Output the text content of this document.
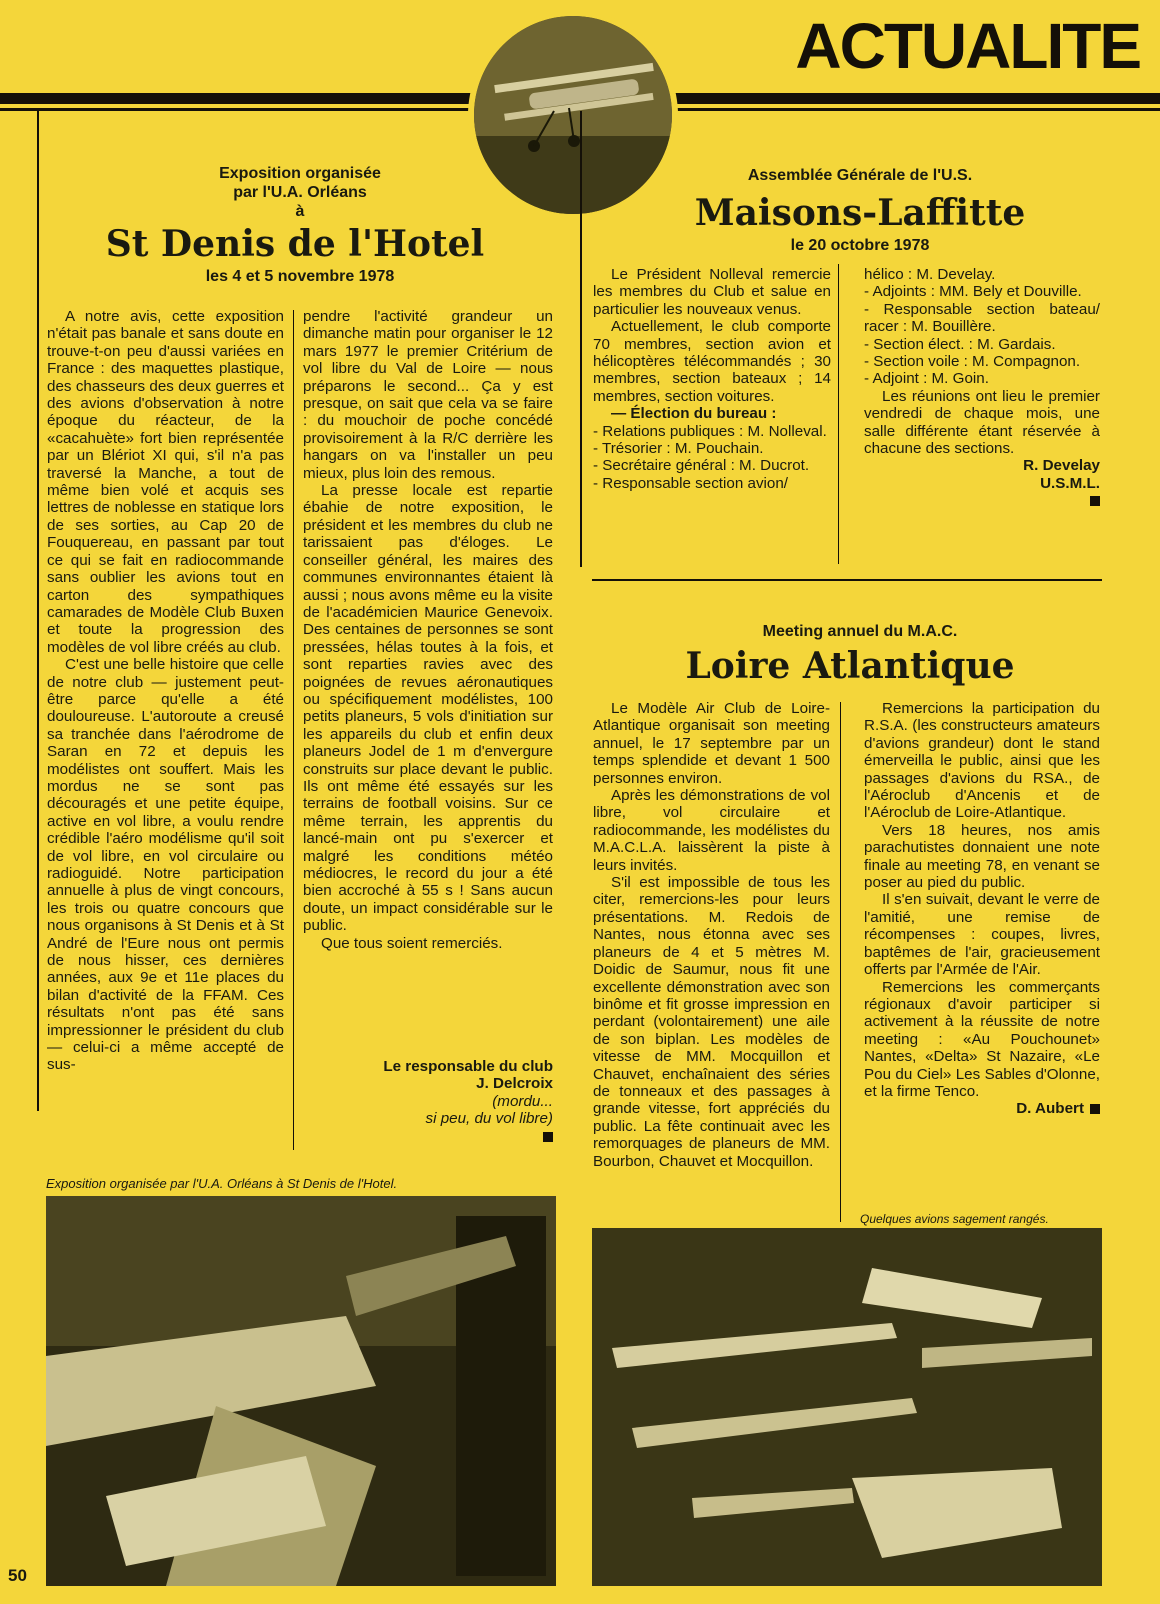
ACTUALITE
Exposition organisée
par l'U.A. Orléans
à
St Denis de l'Hotel
les 4 et 5 novembre 1978

A notre avis, cette exposition n'était pas banale et sans doute en trouve-t-on peu d'aussi variées en France : des maquettes plastique, des chasseurs des deux guerres et des avions d'observation à notre époque du réacteur, de la «cacahuète» fort bien représentée par un Blériot XI qui, s'il n'a pas traversé la Manche, a tout de même bien volé et acquis ses lettres de noblesse en statique lors de ses sorties, au Cap 20 de Fouquereau, en passant par tout ce qui se fait en radiocommande sans oublier les avions tout en carton des sympathiques camarades de Modèle Club Buxen et toute la progression des modèles de vol libre créés au club.

C'est une belle histoire que celle de notre club — justement peut-être parce qu'elle a été douloureuse. L'autoroute a creusé sa tranchée dans l'aérodrome de Saran en 72 et depuis les modélistes ont souffert. Mais les mordus ne se sont pas découragés et une petite équipe, active en vol libre, a voulu rendre crédible l'aéro modélisme qu'il soit de vol libre, en vol circulaire ou radioguidé. Notre participation annuelle à plus de vingt concours, les trois ou quatre concours que nous organisons à St Denis et à St André de l'Eure nous ont permis de nous hisser, ces dernières années, aux 9e et 11e places du bilan d'activité de la FFAM. Ces résultats n'ont pas été sans impressionner le président du club — celui-ci a même accepté de sus-

pendre l'activité grandeur un dimanche matin pour organiser le 12 mars 1977 le premier Critérium de vol libre du Val de Loire — nous préparons le second... Ça y est presque, on sait que cela va se faire : du mouchoir de poche concédé provisoirement à la R/C derrière les hangars on va l'installer un peu mieux, plus loin des remous.

La presse locale est repartie ébahie de notre exposition, le président et les membres du club ne tarissaient pas d'éloges. Le conseiller général, les maires des communes environnantes étaient là aussi ; nous avons même eu la visite de l'académicien Maurice Genevoix. Des centaines de personnes se sont pressées, hélas toutes à la fois, et sont reparties ravies avec des poignées de revues aéronautiques ou spécifiquement modélistes, 100 petits planeurs, 5 vols d'initiation sur les appareils du club et enfin deux planeurs Jodel de 1 m d'envergure construits sur place devant le public. Ils ont même été essayés sur les terrains de football voisins. Sur ce même terrain, les apprentis du lancé-main ont pu s'exercer et malgré les conditions météo médiocres, le record du jour a été bien accroché à 55 s ! Sans aucun doute, un impact considérable sur le public.

Que tous soient remerciés.

Le responsable du club
J. Delcroix
(mordu...
si peu, du vol libre)
Exposition organisée par l'U.A. Orléans à St Denis de l'Hotel.
50
Assemblée Générale de l'U.S.
Maisons-Laffitte
le 20 octobre 1978

Le Président Nolleval remercie les membres du Club et salue en particulier les nouveaux venus.

Actuellement, le club comporte 70 membres, section avion et hélicoptères télécommandés ; 30 membres, section bateaux ; 14 membres, section voitures.

— Élection du bureau :

- Relations publiques : M. Nolleval.

- Trésorier : M. Pouchain.

- Secrétaire général : M. Ducrot.

- Responsable section avion/

hélico : M. Develay.

- Adjoints : MM. Bely et Douville.

- Responsable section bateau/ racer : M. Bouillère.

- Section élect. : M. Gardais.

- Section voile : M. Compagnon.

- Adjoint : M. Goin.

Les réunions ont lieu le premier vendredi de chaque mois, une salle différente étant réservée à chacune des sections.

R. Develay
U.S.M.L.
Meeting annuel du M.A.C.
Loire Atlantique

Le Modèle Air Club de Loire-Atlantique organisait son meeting annuel, le 17 septembre par un temps splendide et devant 1 500 personnes environ.

Après les démonstrations de vol libre, vol circulaire et radiocommande, les modélistes du M.A.C.L.A. laissèrent la piste à leurs invités.

S'il est impossible de tous les citer, remercions-les pour leurs présentations. M. Redois de Nantes, nous étonna avec ses planeurs de 4 et 5 mètres M. Doidic de Saumur, nous fit une excellente démonstration avec son binôme et fit grosse impression en perdant (volontairement) une aile de son biplan. Les modèles de vitesse de MM. Mocquillon et Chauvet, enchaînaient des séries de tonneaux et des passages à grande vitesse, fort appréciés du public. La fête continuait avec les remorquages de planeurs de MM. Bourbon, Chauvet et Mocquillon.

Remercions la participation du R.S.A. (les constructeurs amateurs d'avions grandeur) dont le stand émerveilla le public, ainsi que les passages d'avions du RSA., de l'Aéroclub d'Ancenis et de l'Aéroclub de Loire-Atlantique.

Vers 18 heures, nos amis parachutistes donnaient une note finale au meeting 78, en venant se poser au pied du public.

Il s'en suivait, devant le verre de l'amitié, une remise de récompenses : coupes, livres, baptêmes de l'air, gracieusement offerts par l'Armée de l'Air.

Remercions les commerçants régionaux d'avoir participer si activement à la réussite de notre meeting : «Au Pouchounet» Nantes, «Delta» St Nazaire, «Le Pou du Ciel» Les Sables d'Olonne, et la firme Tenco.

D. Aubert
Quelques avions sagement rangés.
